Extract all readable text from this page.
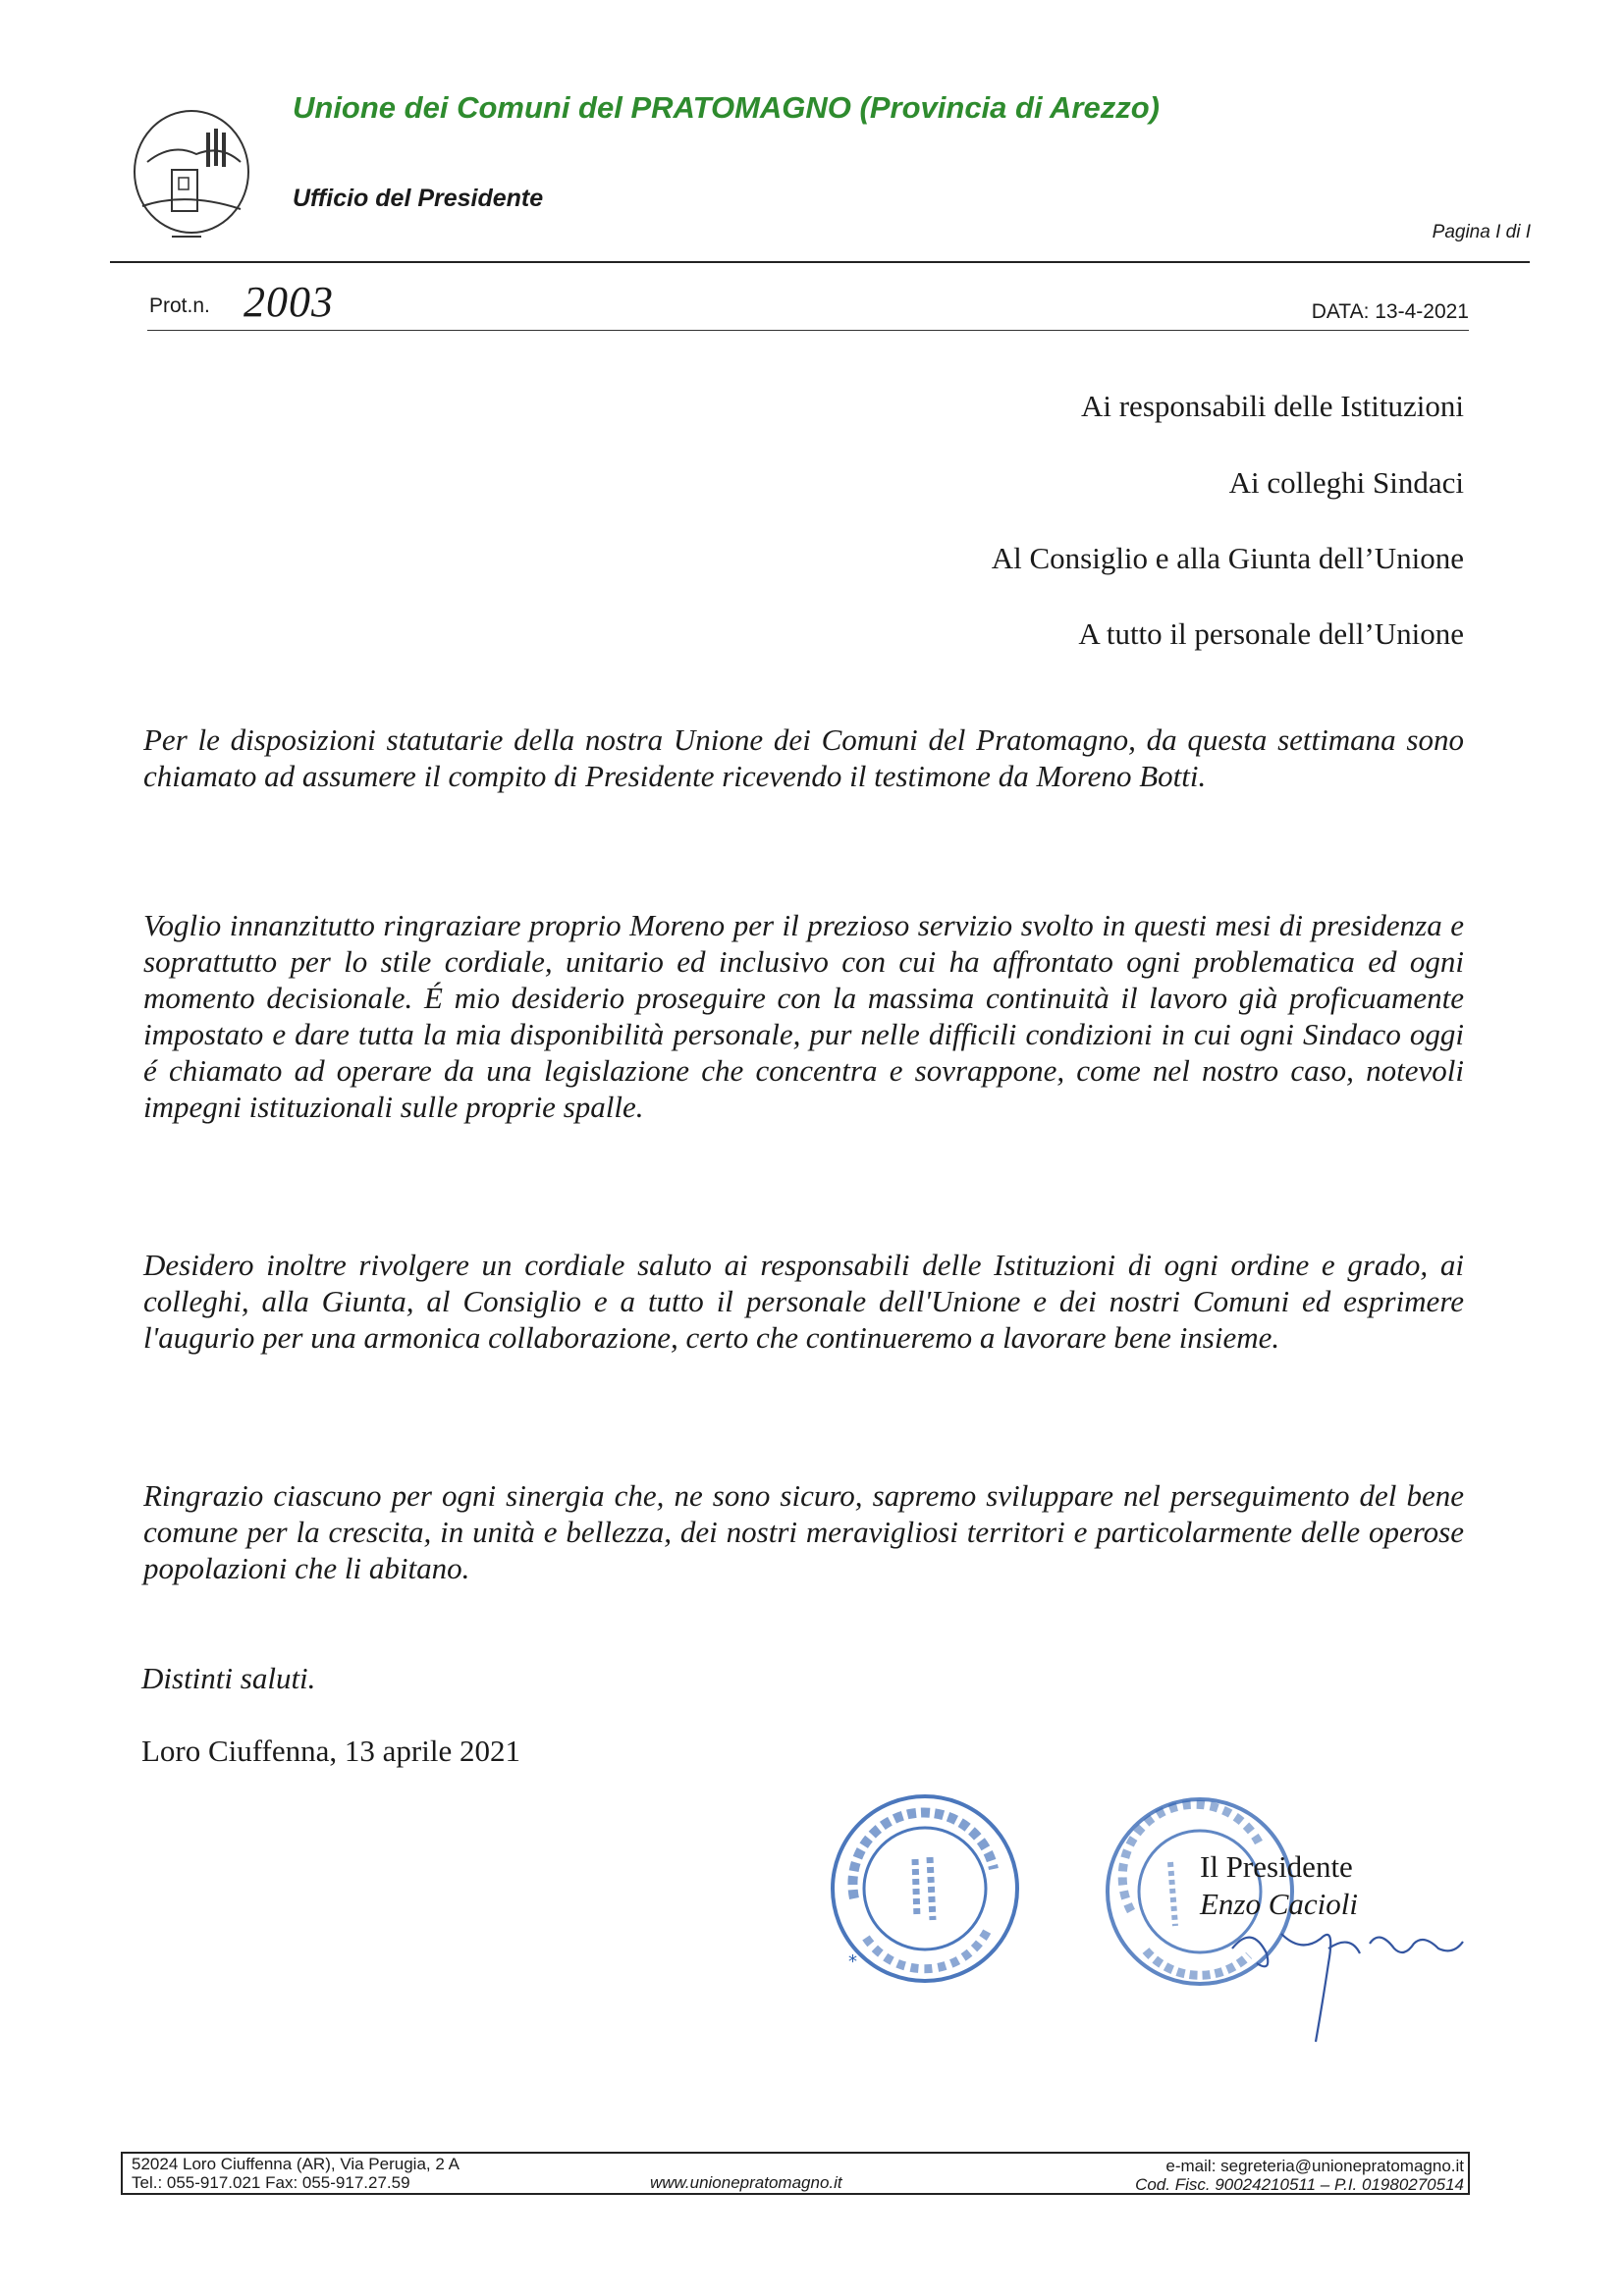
Unione dei Comuni del PRATOMAGNO (Provincia di Arezzo)
Ufficio del Presidente
Pagina I di I
Prot.n. 2003	DATA: 13-4-2021
Ai responsabili delle Istituzioni
Ai colleghi Sindaci
Al Consiglio e alla Giunta dell’Unione
A tutto il personale dell’Unione
Per le disposizioni statutarie della nostra Unione dei Comuni del Pratomagno, da questa settimana sono chiamato ad assumere il compito di Presidente ricevendo il testimone da Moreno Botti.
Voglio innanzitutto ringraziare proprio Moreno per il prezioso servizio svolto in questi mesi di presidenza e soprattutto per lo stile cordiale, unitario ed inclusivo con cui ha affrontato ogni problematica ed ogni momento decisionale. É mio desiderio proseguire con la massima continuità il lavoro già proficuamente impostato e dare tutta la mia disponibilità personale, pur nelle difficili condizioni in cui ogni Sindaco oggi é chiamato ad operare da una legislazione che concentra e sovrappone, come nel nostro caso, notevoli impegni istituzionali sulle proprie spalle.
Desidero inoltre rivolgere un cordiale saluto ai responsabili delle Istituzioni di ogni ordine e grado, ai colleghi, alla Giunta, al Consiglio e a tutto il personale dell'Unione e dei nostri Comuni ed esprimere l'augurio per una armonica collaborazione, certo che continueremo a lavorare bene insieme.
Ringrazio ciascuno per ogni sinergia che, ne sono sicuro, sapremo sviluppare nel perseguimento del bene comune per la crescita, in unità e bellezza, dei nostri meravigliosi territori e particolarmente delle operose popolazioni che li abitano.
Distinti saluti.
Loro Ciuffenna, 13 aprile 2021
*
Il Presidente
Enzo Cacioli
52024 Loro Ciuffenna (AR), Via Perugia, 2 A
Tel.: 055-917.021 Fax: 055-917.27.59	www.unionepratomagno.it
e-mail: segreteria@unionepratomagno.it
Cod. Fisc. 90024210511 – P.I. 01980270514
